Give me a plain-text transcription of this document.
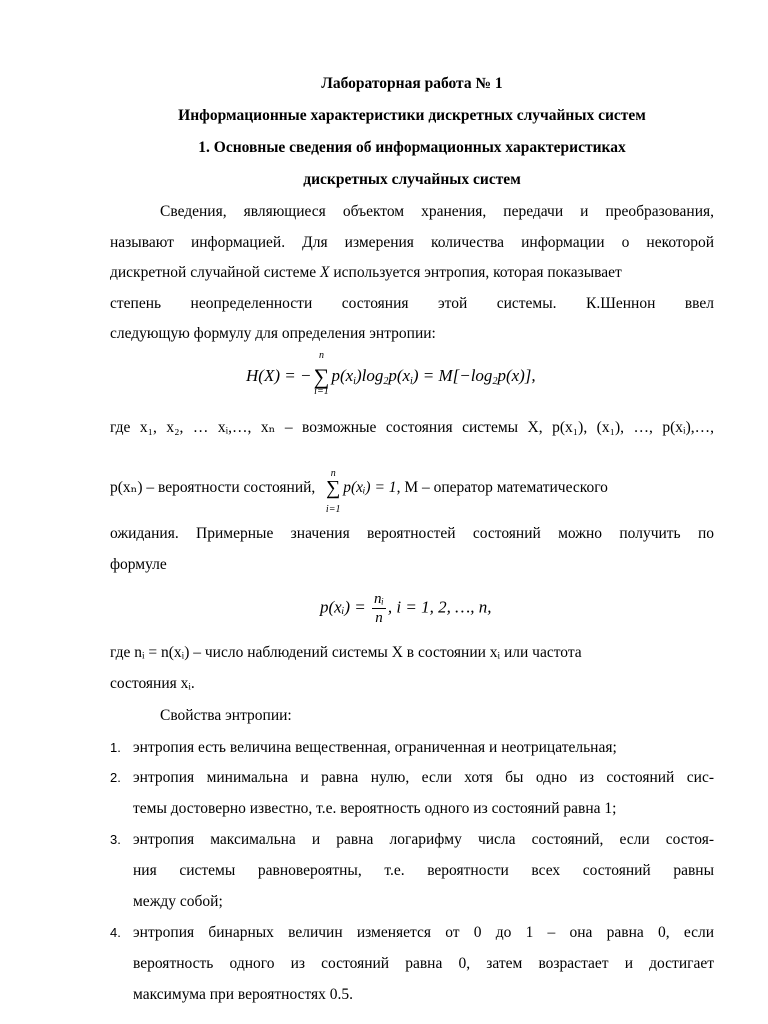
Лабораторная работа № 1
Информационные характеристики дискретных случайных систем
1. Основные сведения об информационных характеристиках
дискретных случайных систем
Сведения, являющиеся объектом хранения, передачи и преобразования,
называют информацией. Для измерения количества информации о некоторой
дискретной случайной системе X используется энтропия, которая показывает
степень неопределенности состояния этой системы. К.Шеннон ввел
следующую формулу для определения энтропии:
H(X) = −∑
n
i=1
$p(x_i)\log_2p(x_i) = M[-\log_2p(x)]$,
где x₁, x₂, … xᵢ,…, xₙ – возможные состояния системы X, p(x₁), (x₁), …, p(xᵢ),…,
p(xₙ) – вероятности состояний, ∑
n
i=1
p(xᵢ) = 1, M – оператор математического
ожидания. Примерные значения вероятностей состояний можно получить по
формуле
p(xᵢ) = $\frac{\text{nᵢ}}{n}$ , i = 1, 2, …, n,
где nᵢ = n(xᵢ) – число наблюдений системы X в состоянии xᵢ или частота
состояния xᵢ.
Свойства энтропии:
1. энтропия есть величина вещественная, ограниченная и неотрицательная;
2. энтропия минимальна и равна нулю, если хотя бы одно из состояний сис-
темы достоверно известно, т.е. вероятность одного из состояний равна 1;
3. энтропия максимальна и равна логарифму числа состояний, если состоя-
ния системы равновероятны, т.е. вероятности всех состояний равны
между собой;
4. энтропия бинарных величин изменяется от 0 до 1 – она равна 0, если
вероятность одного из состояний равна 0, затем возрастает и достигает
максимума при вероятностях 0.5.
